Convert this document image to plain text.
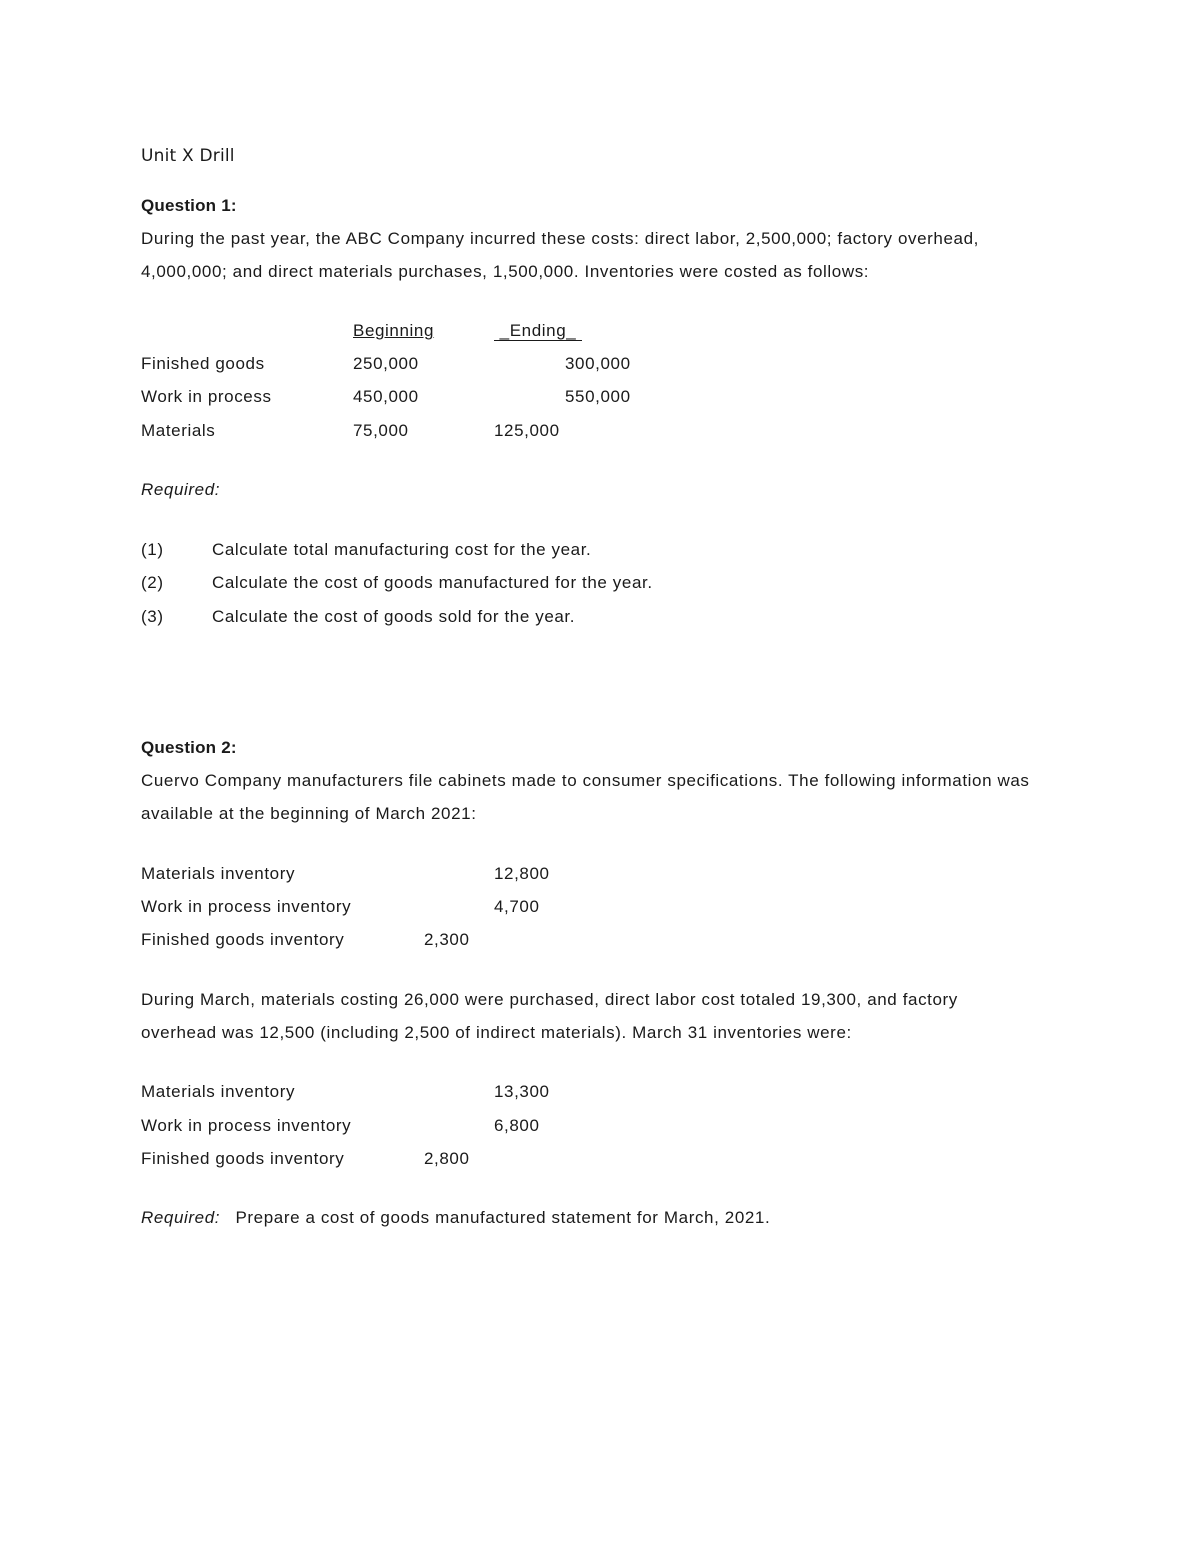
Unit X Drill
Question 1:
During the past year, the ABC Company incurred these costs: direct labor, 2,500,000; factory overhead,
4,000,000; and direct materials purchases, 1,500,000. Inventories were costed as follows:
Beginning	_Ending_
Finished goods	250,000	300,000
Work in process	450,000	550,000
Materials	75,000	125,000
Required:
(1)	Calculate total manufacturing cost for the year.
(2)	Calculate the cost of goods manufactured for the year.
(3)	Calculate the cost of goods sold for the year.
Question 2:
Cuervo Company manufacturers file cabinets made to consumer specifications. The following information was
available at the beginning of March 2021:
Materials inventory	12,800
Work in process inventory	4,700
Finished goods inventory	2,300
During March, materials costing 26,000 were purchased, direct labor cost totaled 19,300, and factory
overhead was 12,500 (including 2,500 of indirect materials). March 31 inventories were:
Materials inventory	13,300
Work in process inventory	6,800
Finished goods inventory	2,800
Required: Prepare a cost of goods manufactured statement for March, 2021.
